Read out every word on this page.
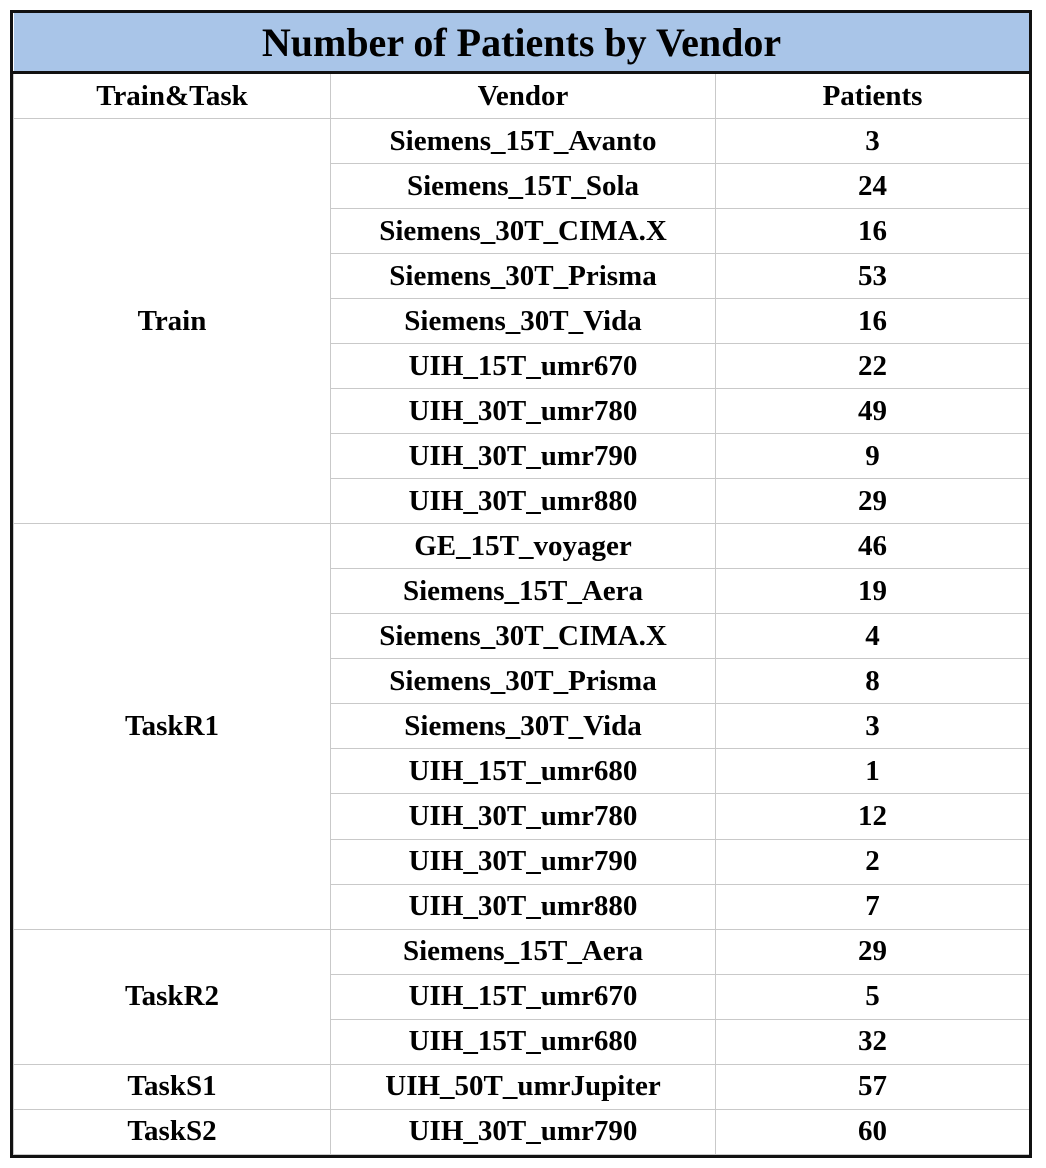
Number of Patients by Vendor		
Train&Task	Vendor	Patients
Train	Siemens_15T_Avanto	3
	Siemens_15T_Sola	24
	Siemens_30T_CIMA.X	16
	Siemens_30T_Prisma	53
	Siemens_30T_Vida	16
	UIH_15T_umr670	22
	UIH_30T_umr780	49
	UIH_30T_umr790	9
	UIH_30T_umr880	29
TaskR1	GE_15T_voyager	46
	Siemens_15T_Aera	19
	Siemens_30T_CIMA.X	4
	Siemens_30T_Prisma	8
	Siemens_30T_Vida	3
	UIH_15T_umr680	1
	UIH_30T_umr780	12
	UIH_30T_umr790	2
	UIH_30T_umr880	7
TaskR2	Siemens_15T_Aera	29
	UIH_15T_umr670	5
	UIH_15T_umr680	32
TaskS1	UIH_50T_umrJupiter	57
TaskS2	UIH_30T_umr790	60
